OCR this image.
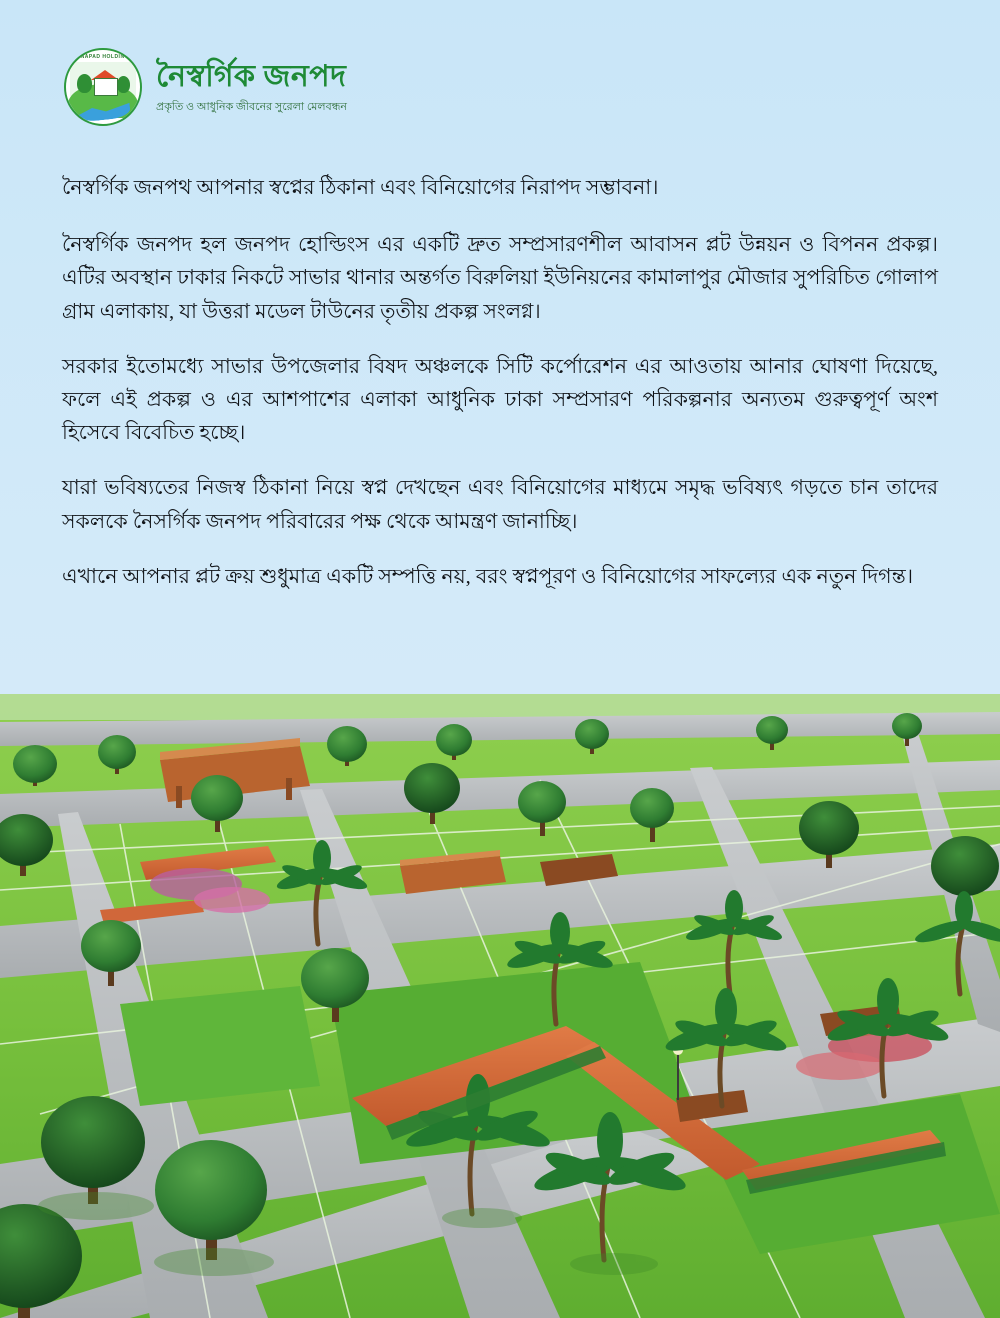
JANAPAD HOLDINGS
নৈস্বর্গিক জনপদ
প্রকৃতি ও আধুনিক জীবনের সুরেলা মেলবন্ধন

নৈস্বর্গিক জনপথ আপনার স্বপ্নের ঠিকানা এবং বিনিয়োগের নিরাপদ সম্ভাবনা।

নৈস্বর্গিক জনপদ হল জনপদ হোল্ডিংস এর একটি দ্রুত সম্প্রসারণশীল আবাসন প্লট উন্নয়ন ও বিপনন প্রকল্প। এটির অবস্থান ঢাকার নিকটে সাভার থানার অন্তর্গত বিরুলিয়া ইউনিয়নের কামালাপুর মৌজার সুপরিচিত গোলাপ গ্রাম এলাকায়, যা উত্তরা মডেল টাউনের তৃতীয় প্রকল্প সংলগ্ন।

সরকার ইতোমধ্যে সাভার উপজেলার বিষদ অঞ্চলকে সিটি কর্পোরেশন এর আওতায় আনার ঘোষণা দিয়েছে, ফলে এই প্রকল্প ও এর আশপাশের এলাকা আধুনিক ঢাকা সম্প্রসারণ পরিকল্পনার অন্যতম গুরুত্বপূর্ণ অংশ হিসেবে বিবেচিত হচ্ছে।

যারা ভবিষ্যতের নিজস্ব ঠিকানা নিয়ে স্বপ্ন দেখছেন এবং বিনিয়োগের মাধ্যমে সমৃদ্ধ ভবিষ্যৎ গড়তে চান তাদের সকলকে নৈসর্গিক জনপদ পরিবারের পক্ষ থেকে আমন্ত্রণ জানাচ্ছি।

এখানে আপনার প্লট ক্রয় শুধুমাত্র একটি সম্পত্তি নয়, বরং স্বপ্নপূরণ ও বিনিয়োগের সাফল্যের এক নতুন দিগন্ত।
